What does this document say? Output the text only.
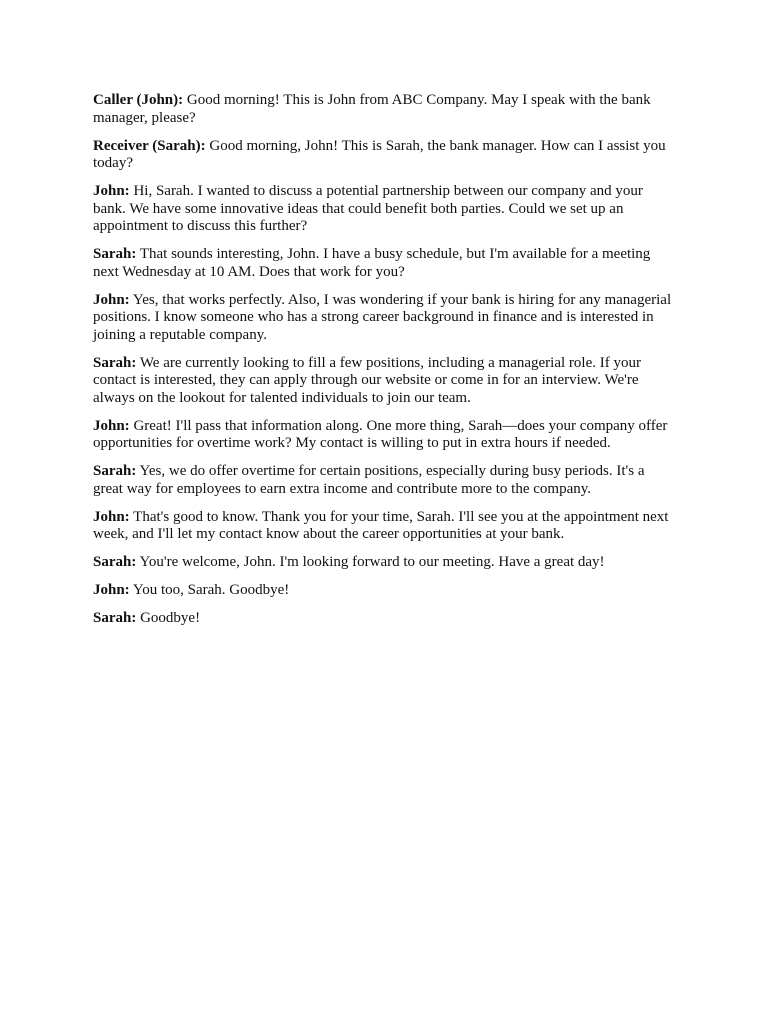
Caller (John): Good morning! This is John from ABC Company. May I speak with the bank manager, please?

Receiver (Sarah): Good morning, John! This is Sarah, the bank manager. How can I assist you today?

John: Hi, Sarah. I wanted to discuss a potential partnership between our company and your bank. We have some innovative ideas that could benefit both parties. Could we set up an appointment to discuss this further?

Sarah: That sounds interesting, John. I have a busy schedule, but I'm available for a meeting next Wednesday at 10 AM. Does that work for you?

John: Yes, that works perfectly. Also, I was wondering if your bank is hiring for any managerial positions. I know someone who has a strong career background in finance and is interested in joining a reputable company.

Sarah: We are currently looking to fill a few positions, including a managerial role. If your contact is interested, they can apply through our website or come in for an interview. We're always on the lookout for talented individuals to join our team.

John: Great! I'll pass that information along. One more thing, Sarah—does your company offer opportunities for overtime work? My contact is willing to put in extra hours if needed.

Sarah: Yes, we do offer overtime for certain positions, especially during busy periods. It's a great way for employees to earn extra income and contribute more to the company.

John: That's good to know. Thank you for your time, Sarah. I'll see you at the appointment next week, and I'll let my contact know about the career opportunities at your bank.

Sarah: You're welcome, John. I'm looking forward to our meeting. Have a great day!

John: You too, Sarah. Goodbye!

Sarah: Goodbye!
